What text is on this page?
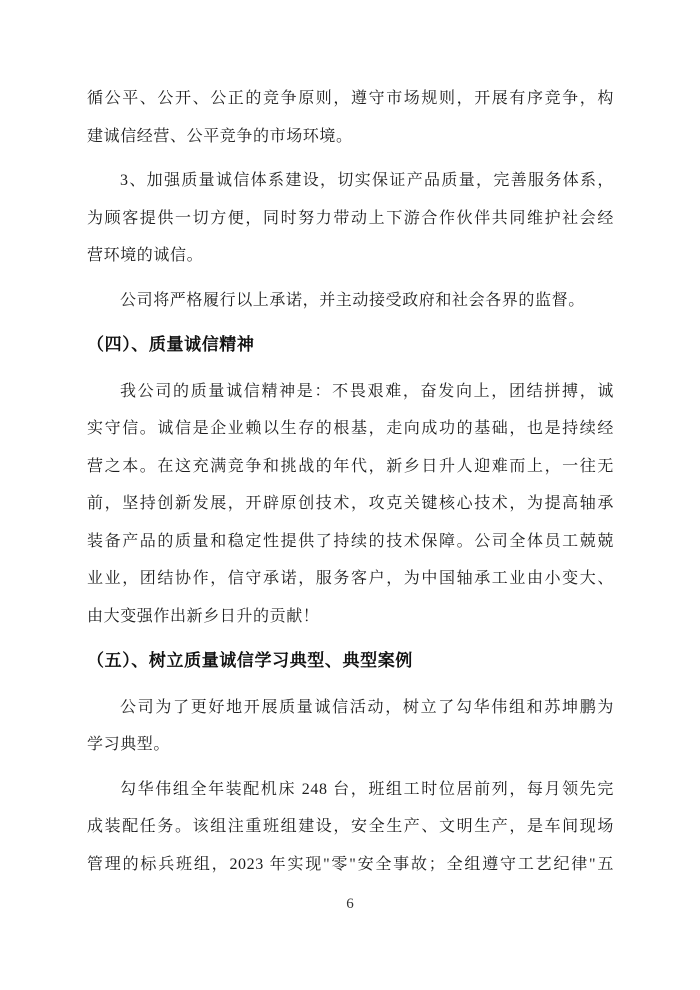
循公平、公开、公正的竞争原则，遵守市场规则，开展有序竞争，构
建诚信经营、公平竞争的市场环境。
3、加强质量诚信体系建设，切实保证产品质量，完善服务体系，
为顾客提供一切方便，同时努力带动上下游合作伙伴共同维护社会经
营环境的诚信。
公司将严格履行以上承诺，并主动接受政府和社会各界的监督。
（四）、质量诚信精神
我公司的质量诚信精神是：不畏艰难，奋发向上，团结拼搏，诚
实守信。诚信是企业赖以生存的根基，走向成功的基础，也是持续经
营之本。在这充满竞争和挑战的年代，新乡日升人迎难而上，一往无
前，坚持创新发展，开辟原创技术，攻克关键核心技术，为提高轴承
装备产品的质量和稳定性提供了持续的技术保障。公司全体员工兢兢
业业，团结协作，信守承诺，服务客户，为中国轴承工业由小变大、
由大变强作出新乡日升的贡献！
（五）、树立质量诚信学习典型、典型案例
公司为了更好地开展质量诚信活动，树立了勾华伟组和苏坤鹏为
学习典型。
勾华伟组全年装配机床 248 台，班组工时位居前列，每月领先完
成装配任务。该组注重班组建设，安全生产、文明生产，是车间现场
管理的标兵班组，2023 年实现"零"安全事故；全组遵守工艺纪律"五
6
